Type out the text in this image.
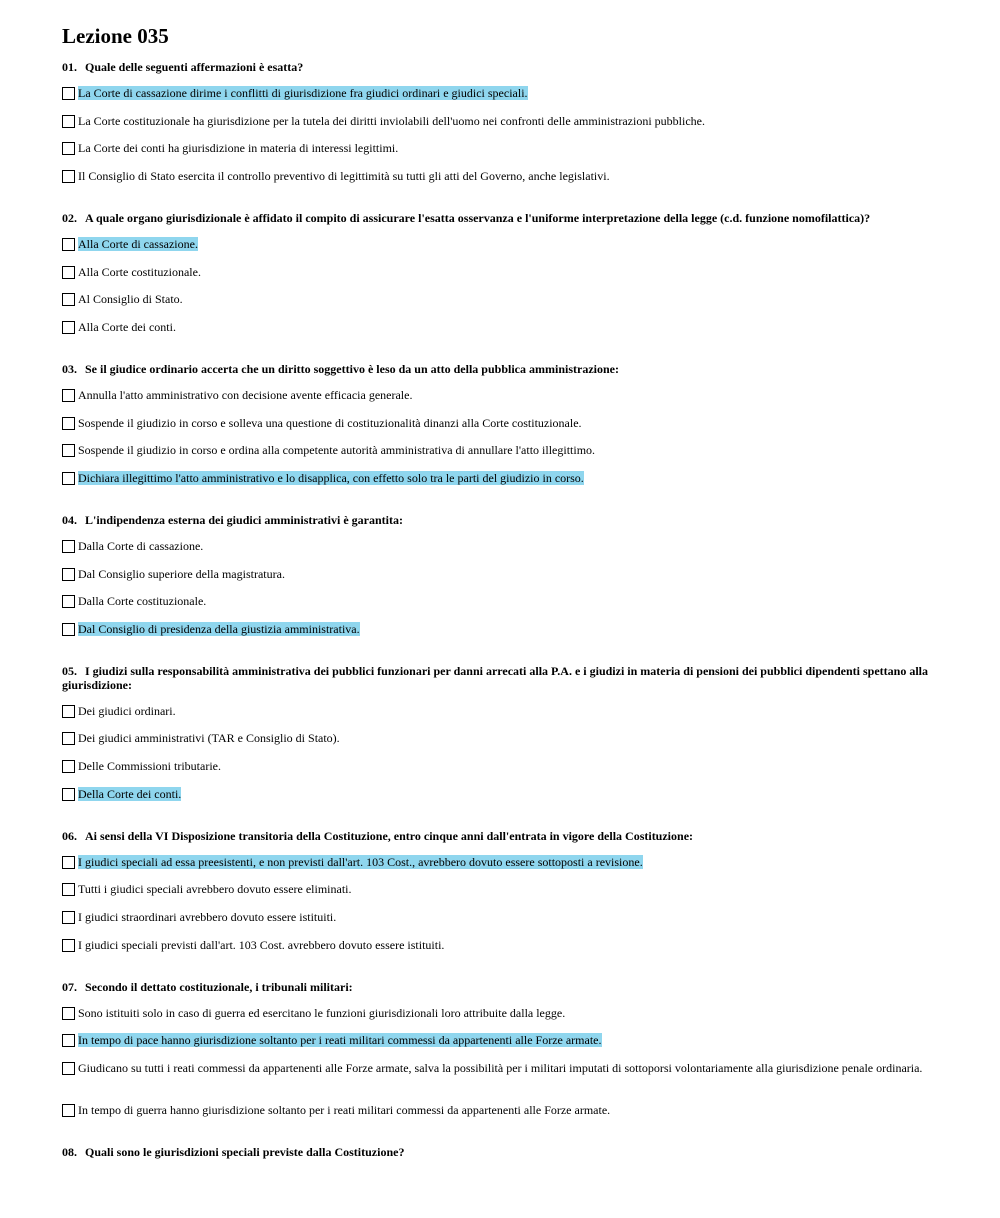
Lezione 035
01. Quale delle seguenti affermazioni è esatta?
La Corte di cassazione dirime i conflitti di giurisdizione fra giudici ordinari e giudici speciali.
La Corte costituzionale ha giurisdizione per la tutela dei diritti inviolabili dell'uomo nei confronti delle amministrazioni pubbliche.
La Corte dei conti ha giurisdizione in materia di interessi legittimi.
Il Consiglio di Stato esercita il controllo preventivo di legittimità su tutti gli atti del Governo, anche legislativi.
02. A quale organo giurisdizionale è affidato il compito di assicurare l'esatta osservanza e l'uniforme interpretazione della legge (c.d. funzione nomofilattica)?
Alla Corte di cassazione.
Alla Corte costituzionale.
Al Consiglio di Stato.
Alla Corte dei conti.
03. Se il giudice ordinario accerta che un diritto soggettivo è leso da un atto della pubblica amministrazione:
Annulla l'atto amministrativo con decisione avente efficacia generale.
Sospende il giudizio in corso e solleva una questione di costituzionalità dinanzi alla Corte costituzionale.
Sospende il giudizio in corso e ordina alla competente autorità amministrativa di annullare l'atto illegittimo.
Dichiara illegittimo l'atto amministrativo e lo disapplica, con effetto solo tra le parti del giudizio in corso.
04. L'indipendenza esterna dei giudici amministrativi è garantita:
Dalla Corte di cassazione.
Dal Consiglio superiore della magistratura.
Dalla Corte costituzionale.
Dal Consiglio di presidenza della giustizia amministrativa.
05. I giudizi sulla responsabilità amministrativa dei pubblici funzionari per danni arrecati alla P.A. e i giudizi in materia di pensioni dei pubblici dipendenti spettano alla giurisdizione:
Dei giudici ordinari.
Dei giudici amministrativi (TAR e Consiglio di Stato).
Delle Commissioni tributarie.
Della Corte dei conti.
06. Ai sensi della VI Disposizione transitoria della Costituzione, entro cinque anni dall'entrata in vigore della Costituzione:
I giudici speciali ad essa preesistenti, e non previsti dall'art. 103 Cost., avrebbero dovuto essere sottoposti a revisione.
Tutti i giudici speciali avrebbero dovuto essere eliminati.
I giudici straordinari avrebbero dovuto essere istituiti.
I giudici speciali previsti dall'art. 103 Cost. avrebbero dovuto essere istituiti.
07. Secondo il dettato costituzionale, i tribunali militari:
Sono istituiti solo in caso di guerra ed esercitano le funzioni giurisdizionali loro attribuite dalla legge.
In tempo di pace hanno giurisdizione soltanto per i reati militari commessi da appartenenti alle Forze armate.
Giudicano su tutti i reati commessi da appartenenti alle Forze armate, salva la possibilità per i militari imputati di sottoporsi volontariamente alla giurisdizione penale ordinaria.
In tempo di guerra hanno giurisdizione soltanto per i reati militari commessi da appartenenti alle Forze armate.
08. Quali sono le giurisdizioni speciali previste dalla Costituzione?
